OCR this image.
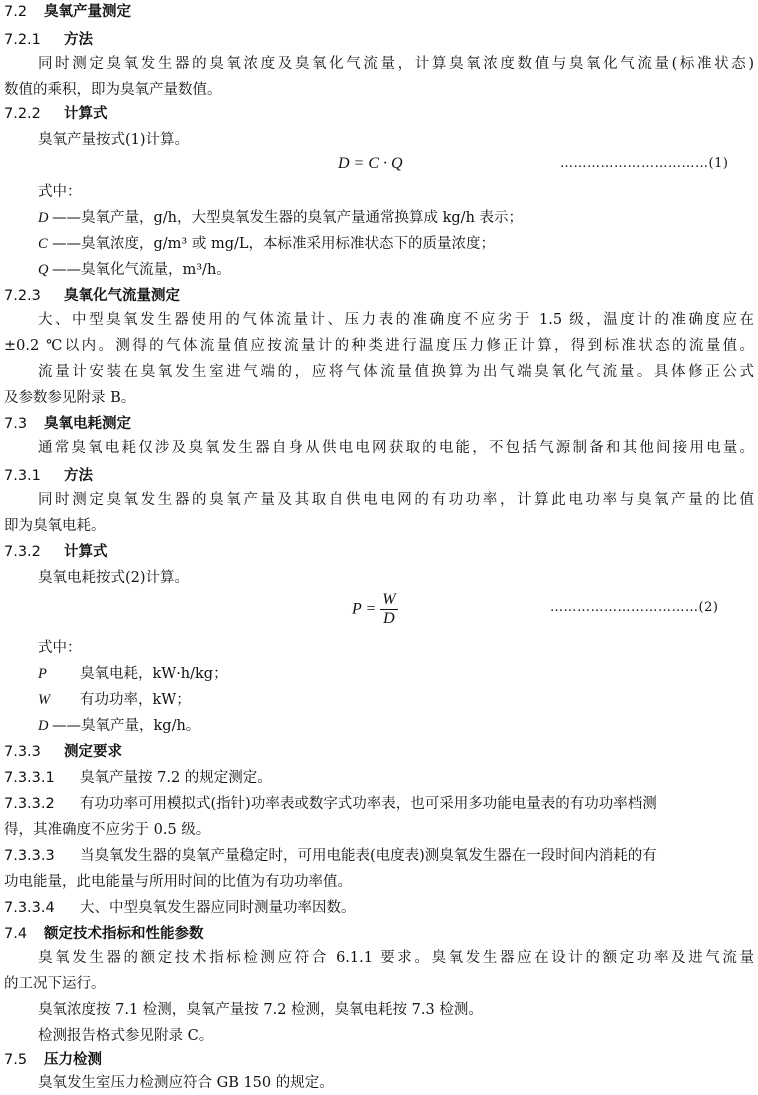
7.2 臭氧产量测定
7.2.1 方法
同时测定臭氧发生器的臭氧浓度及臭氧化气流量，计算臭氧浓度数值与臭氧化气流量(标准状态)
数值的乘积，即为臭氧产量数值。
7.2.2 计算式
臭氧产量按式(1)计算。
D = C · Q	……………………………(1)
式中：
D ——臭氧产量，g/h，大型臭氧发生器的臭氧产量通常换算成 kg/h 表示；
C ——臭氧浓度，g/m³ 或 mg/L，本标准采用标准状态下的质量浓度；
Q ——臭氧化气流量，m³/h。
7.2.3 臭氧化气流量测定
大、中型臭氧发生器使用的气体流量计、压力表的准确度不应劣于 1.5 级，温度计的准确度应在
±0.2 ℃以内。测得的气体流量值应按流量计的种类进行温度压力修正计算，得到标准状态的流量值。
流量计安装在臭氧发生室进气端的，应将气体流量值换算为出气端臭氧化气流量。具体修正公式
及参数参见附录 B。
7.3 臭氧电耗测定
通常臭氧电耗仅涉及臭氧发生器自身从供电电网获取的电能，不包括气源制备和其他间接用电量。
7.3.1 方法
同时测定臭氧发生器的臭氧产量及其取自供电电网的有功功率，计算此电功率与臭氧产量的比值
即为臭氧电耗。
7.3.2 计算式
臭氧电耗按式(2)计算。
$P = \frac{W}{D}$	……………………………(2)
式中：
P 臭氧电耗，kW·h/kg；
W 有功功率，kW；
D ——臭氧产量，kg/h。
7.3.3 测定要求
7.3.3.1 臭氧产量按 7.2 的规定测定。
7.3.3.2 有功功率可用模拟式(指针)功率表或数字式功率表，也可采用多功能电量表的有功功率档测
得，其准确度不应劣于 0.5 级。
7.3.3.3 当臭氧发生器的臭氧产量稳定时，可用电能表(电度表)测臭氧发生器在一段时间内消耗的有
功电能量，此电能量与所用时间的比值为有功功率值。
7.3.3.4 大、中型臭氧发生器应同时测量功率因数。
7.4 额定技术指标和性能参数
臭氧发生器的额定技术指标检测应符合 6.1.1 要求。臭氧发生器应在设计的额定功率及进气流量
的工况下运行。
臭氧浓度按 7.1 检测，臭氧产量按 7.2 检测，臭氧电耗按 7.3 检测。
检测报告格式参见附录 C。
7.5 压力检测
臭氧发生室压力检测应符合 GB 150 的规定。
